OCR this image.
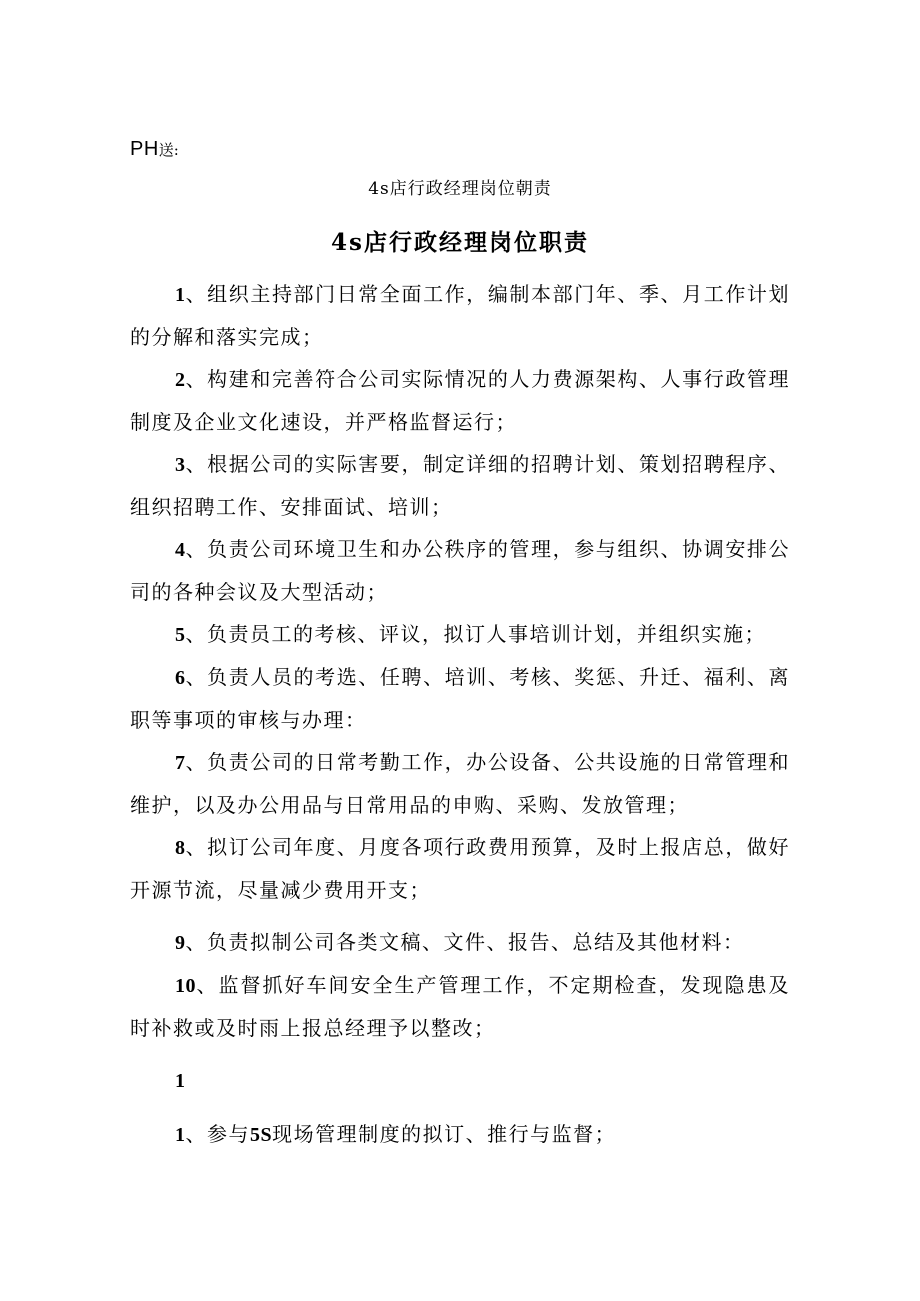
PH送:
4s店行政经理岗位朝责
4s店行政经理岗位职责

1、组织主持部门日常全面工作，编制本部门年、季、月工作计划的分解和落实完成；

2、构建和完善符合公司实际情况的人力费源架构、人事行政管理制度及企业文化速设，并严格监督运行；

3、根据公司的实际害要，制定详细的招聘计划、策划招聘程序、组织招聘工作、安排面试、培训；

4、负责公司环境卫生和办公秩序的管理，参与组织、协调安排公司的各种会议及大型活动；

5、负责员工的考核、评议，拟订人事培训计划，并组织实施；

6、负责人员的考选、任聘、培训、考核、奖惩、升迁、福利、离职等事项的审核与办理：

7、负责公司的日常考勤工作，办公设备、公共设施的日常管理和维护，以及办公用品与日常用品的申购、采购、发放管理；

8、拟订公司年度、月度各项行政费用预算，及时上报店总，做好开源节流，尽量减少费用开支；

9、负责拟制公司各类文稿、文件、报告、总结及其他材料：

10、监督抓好车间安全生产管理工作，不定期检查，发现隐患及时补救或及时雨上报总经理予以整改；

1

1、参与5S现场管理制度的拟订、推行与监督；
